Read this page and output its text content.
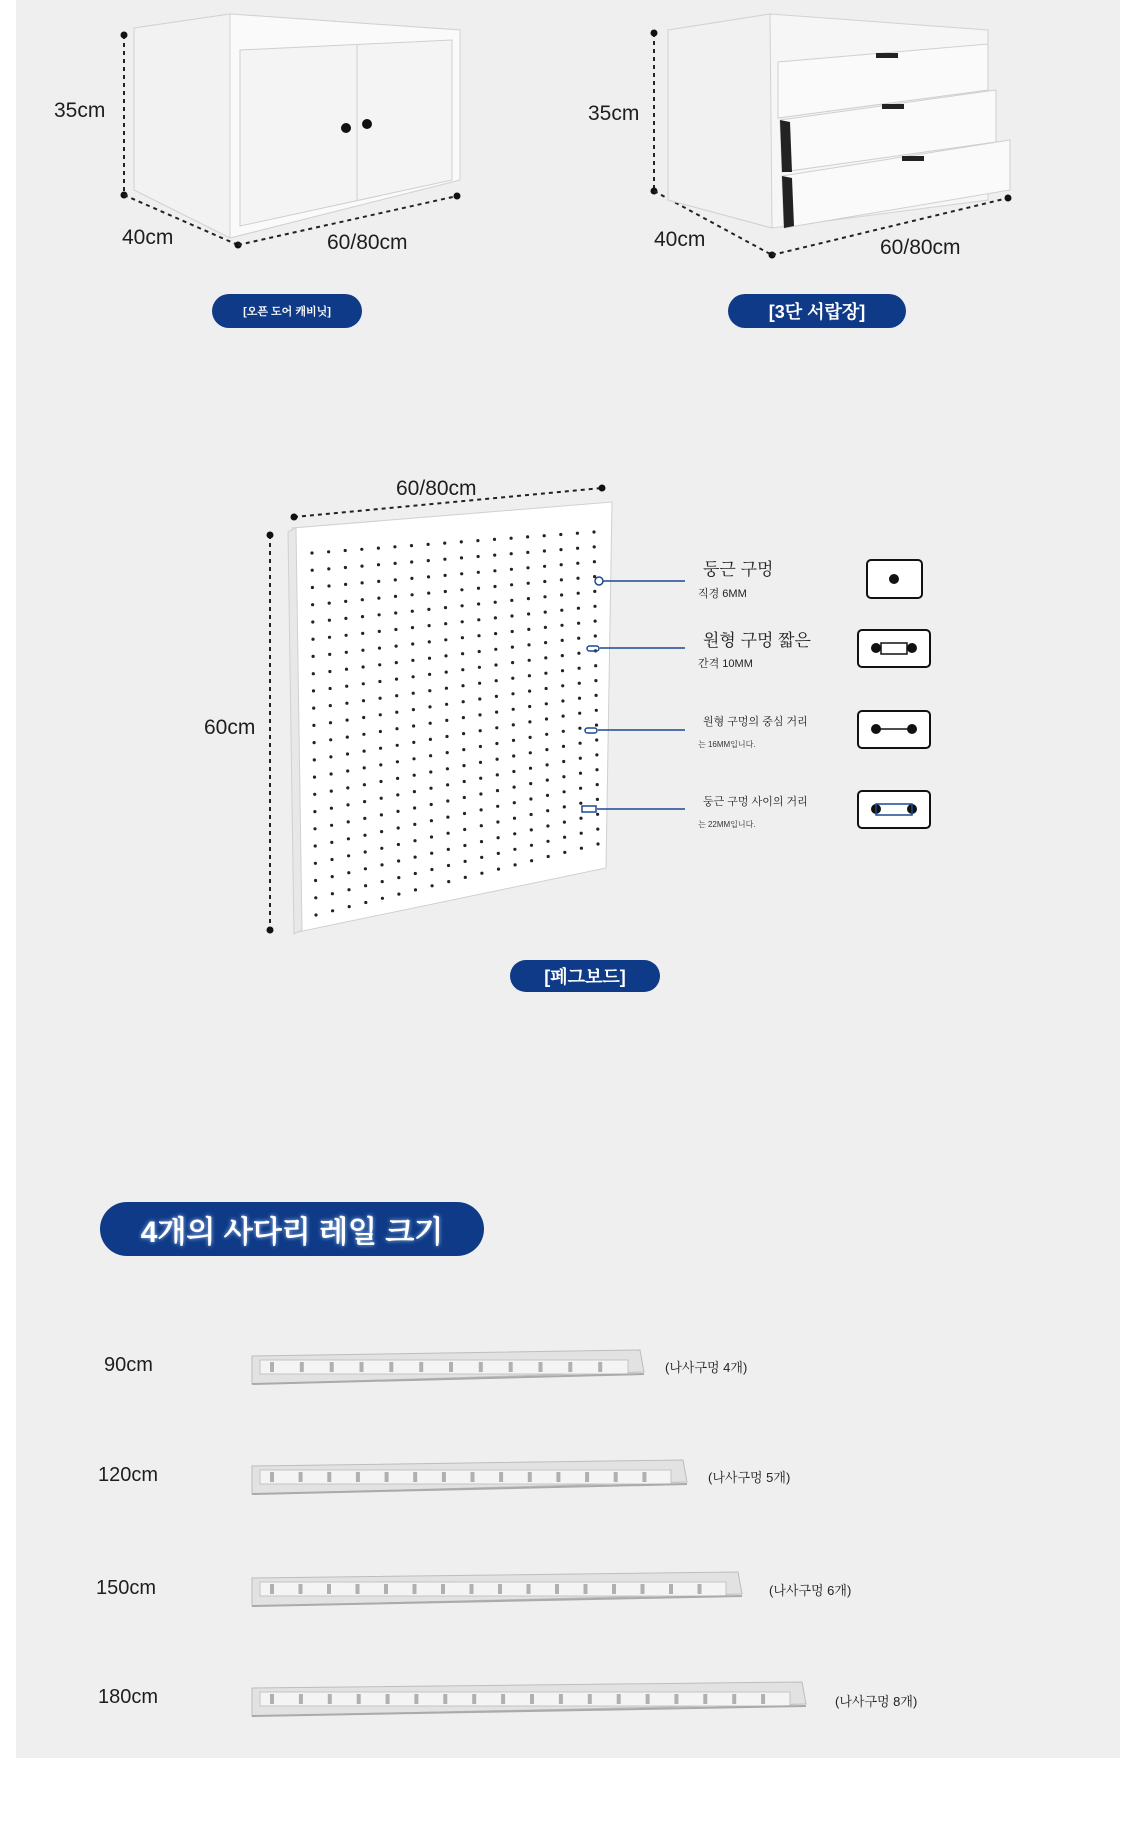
35cm
40cm	60/80cm
[오픈 도어 캐비닛]
35cm
40cm	60/80cm
[3단 서랍장]
60/80cm
60cm
둥근 구멍
직경 6MM
원형 구멍 짧은
간격 10MM
원형 구멍의 중심 거리
는 16MM입니다.
둥근 구멍 사이의 거리
는 22MM입니다.
[페그보드]
4개의 사다리 레일 크기
90cm
120cm
150cm
180cm
(나사구멍 4개)
(나사구멍 5개)
(나사구멍 6개)
(나사구멍 8개)
